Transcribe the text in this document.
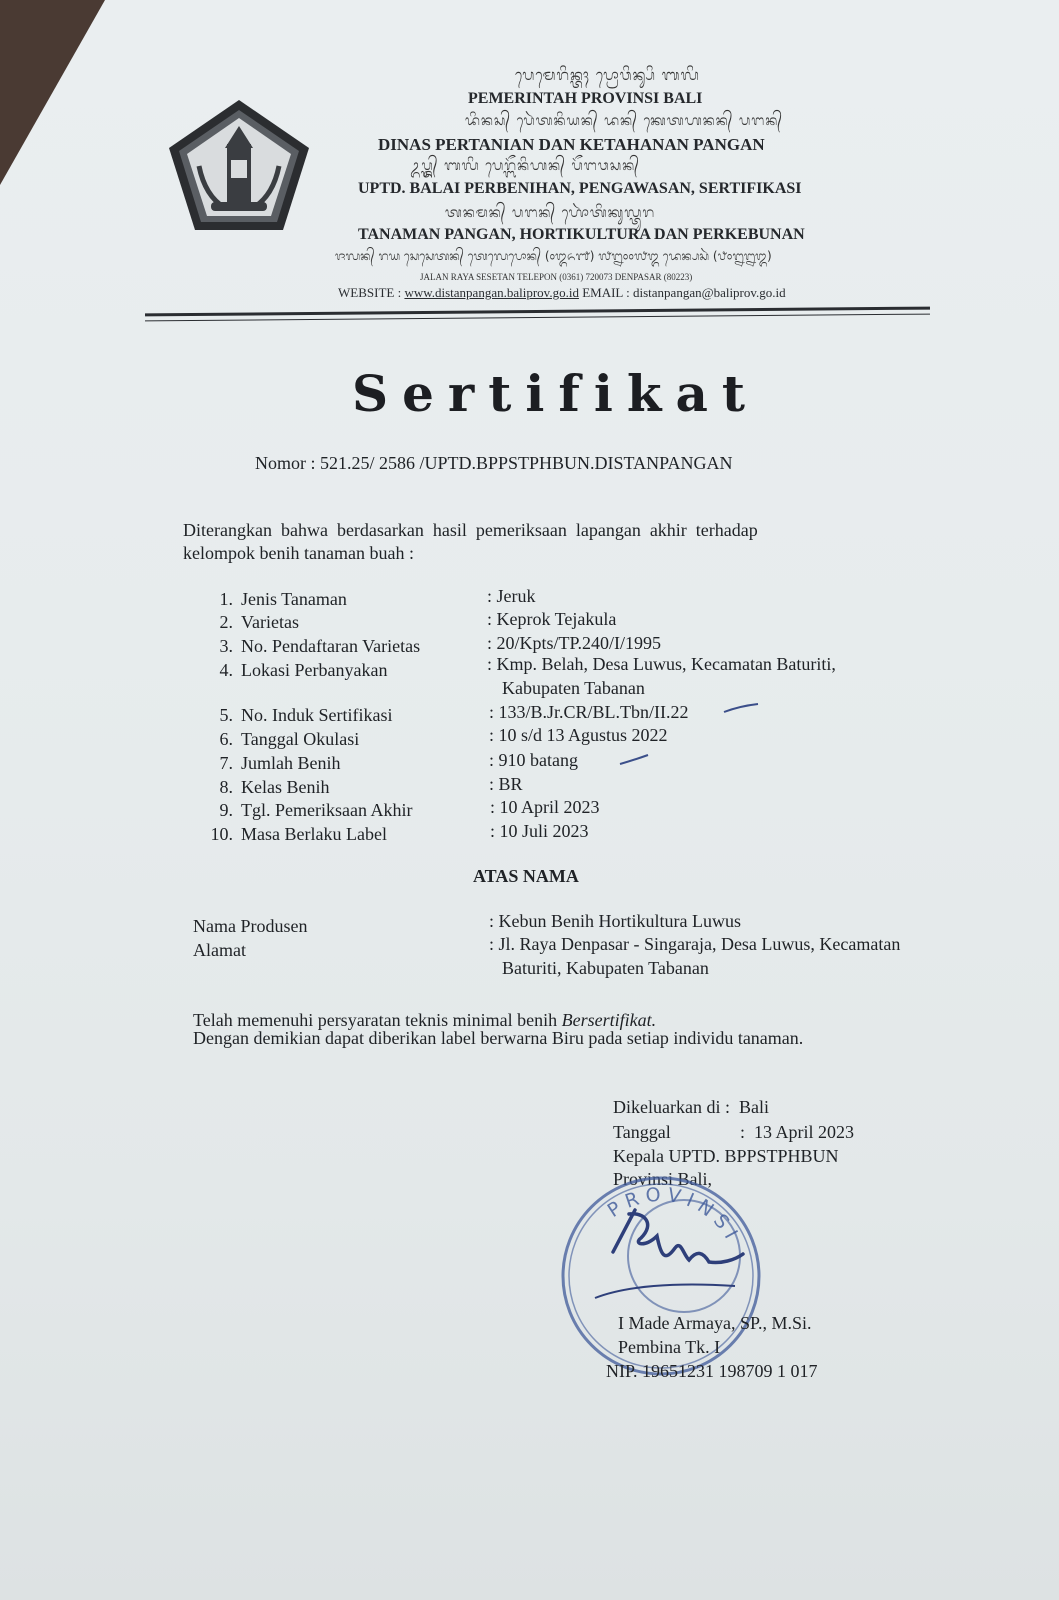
ᬧᬾᬫᬾᬭᬶᬦ᭄ᬢᬄ ᬧ᭄ᬭᭀᬯᬶᬦ᭄ᬲᬶ ᬩᬮᬶ
PEMERINTAH PROVINSI BALI
ᬤᬶᬦᬲ᭄ ᬧᬾᬃᬢᬦᬶᬬᬦ᭄ ᬤᬦ᭄ ᬓᬾᬢᬳᬦᬦ᭄ ᬧᬗᬦ᭄
DINAS PERTANIAN DAN KETAHANAN PANGAN
ᬉᬧ᭄ᬢ᭄ᬤ᭄ ᬩᬮᬶ ᬧᬾᬭ᭄ᬩᭂᬦᬶᬳᬦ᭄ ᬧᭂᬗᬯᬲᬦ᭄
UPTD. BALAI PERBENIHAN, PENGAWASAN, SERTIFIKASI
ᬢᬦᬫᬦ᭄ ᬧᬗᬦ᭄ ᬳᭀᬃᬢᬶᬓᬸᬮ᭄ᬢᬸᬭ
TANAMAN PANGAN, HORTIKULTURA DAN PERKEBUNAN
ᬚᬮᬦ᭄ ᬭᬬ ᬲᬾᬲᬾᬢᬦ᭄ ᬢᬾᬮᬾᬧᭀᬦ᭄ (᭐᭓᭖᭑) ᭗᭒᭐᭐᭗᭓ ᬤᬾᬦ᭄ᬧᬲᬃ (᭘᭐᭒᭒᭓)
JALAN RAYA SESETAN TELEPON (0361) 720073 DENPASAR (80223)
WEBSITE : www.distanpangan.baliprov.go.id EMAIL : distanpangan@baliprov.go.id
Sertifikat
Nomor : 521.25/ 2586 /UPTD.BPPSTPHBUN.DISTANPANGAN
Diterangkan  bahwa  berdasarkan  hasil  pemeriksaan  lapangan  akhir  terhadap
kelompok benih tanaman buah :
1. Jenis Tanaman	: Jeruk
2. Varietas	: Keprok Tejakula
3. No. Pendaftaran Varietas	: 20/Kpts/TP.240/I/1995
4. Lokasi Perbanyakan	: Kmp. Belah, Desa Luwus, Kecamatan Baturiti,
Kabupaten Tabanan
5. No. Induk Sertifikasi	: 133/B.Jr.CR/BL.Tbn/II.22
6. Tanggal Okulasi	: 10 s/d 13 Agustus 2022
7. Jumlah Benih	: 910 batang
8. Kelas Benih	: BR
9. Tgl. Pemeriksaan Akhir	: 10 April 2023
10. Masa Berlaku Label	: 10 Juli 2023
ATAS NAMA
Nama Produsen	: Kebun Benih Hortikultura Luwus
Alamat	: Jl. Raya Denpasar - Singaraja, Desa Luwus, Kecamatan
Baturiti, Kabupaten Tabanan
Telah memenuhi persyaratan teknis minimal benih Bersertifikat.
Dengan demikian dapat diberikan label berwarna Biru pada setiap individu tanaman.
Dikeluarkan di : Bali
Tanggal	:  13 April 2023
Kepala UPTD. BPPSTPHBUN
Provinsi Bali,
PROVINSI
I Made Armaya, SP., M.Si.
Pembina Tk. I
NIP. 19651231 198709 1 017
